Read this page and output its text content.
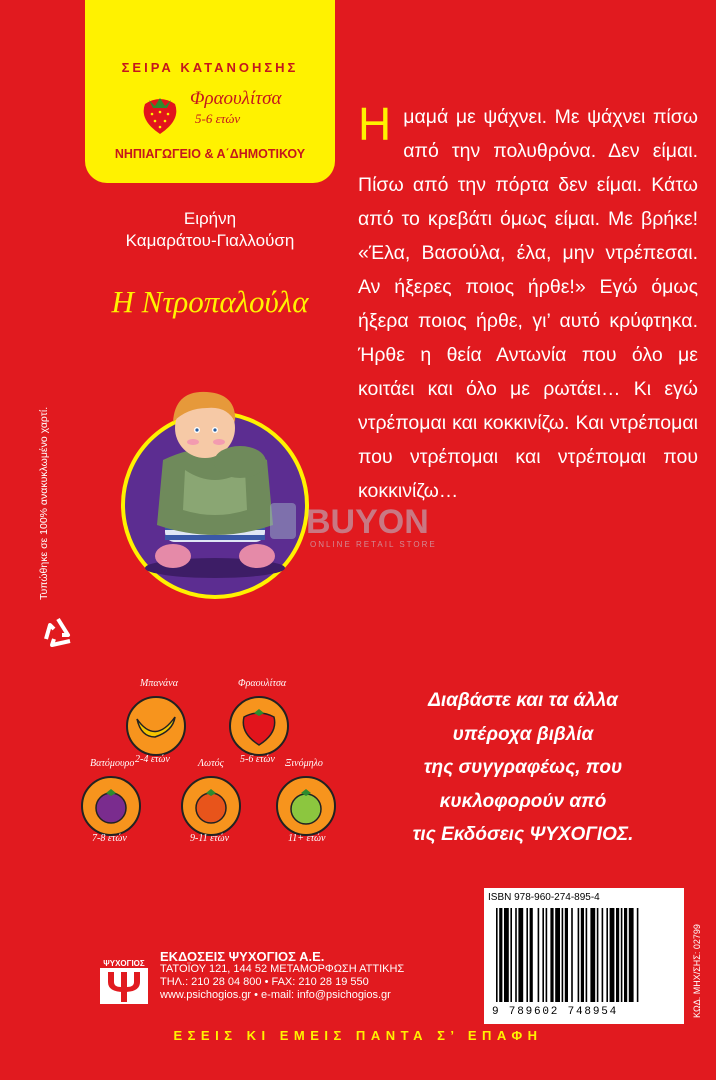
ΣΕΙΡΑ ΚΑΤΑΝΟΗΣΗΣ
Φραουλίτσα
5-6 ετών
ΝΗΠΙΑΓΩΓΕΙΟ & Α΄ΔΗΜΟΤΙΚΟΥ
Ειρήνη
Καμαράτου-Γιαλλούση
Η Ντροπαλούλα
Τυπώθηκε σε 100% ανακυκλωμένο χαρτί.
Η μαμά με ψάχνει. Με ψάχνει πίσω από την πολυθρόνα. Δεν είμαι. Πίσω από την πόρτα δεν είμαι. Κάτω από το κρεβάτι όμως είμαι. Με βρήκε! «Έλα, Βασούλα, έλα, μην ντρέπεσαι. Αν ήξερες ποιος ήρθε!» Εγώ όμως ήξερα ποιος ήρθε, γι’ αυτό κρύφτηκα. Ήρθε η θεία Αντωνία που όλο με κοιτάει και όλο με ρωτάει… Κι εγώ ντρέπομαι και κοκκινίζω. Και ντρέπομαι που ντρέπομαι και ντρέπομαι που κοκκινίζω…
BUYON
ONLINE RETAIL STORE
Μπανάνα
2-4 ετών
Φραουλίτσα
5-6 ετών
Βατόμουρο
7-8 ετών
Λωτός
9-11 ετών
Ξινόμηλο
11+ ετών
Διαβάστε και τα άλλα
υπέροχα βιβλία
της συγγραφέως, που
κυκλοφορούν από
τις Εκδόσεις ΨΥΧΟΓΙΟΣ.
ISBN 978-960-274-895-4
9 789602 748954	ΚΩΔ. ΜΗΧ/ΣΗΣ: 02799
ΨΥΧΟΓΙΟΣ ΕΚΔΟΣΕΙΣ ΨΥΧΟΓΙΟΣ Α.Ε.
ΤΑΤΟΪΟΥ 121, 144 52 ΜΕΤΑΜΟΡΦΩΣΗ ΑΤΤΙΚΗΣ
ΤΗΛ.: 210 28 04 800 • FAX: 210 28 19 550
www.psichogios.gr • e-mail: info@psichogios.gr
ΕΣΕΙΣ ΚΙ ΕΜΕΙΣ ΠΑΝΤΑ Σ’ ΕΠΑΦΗ
